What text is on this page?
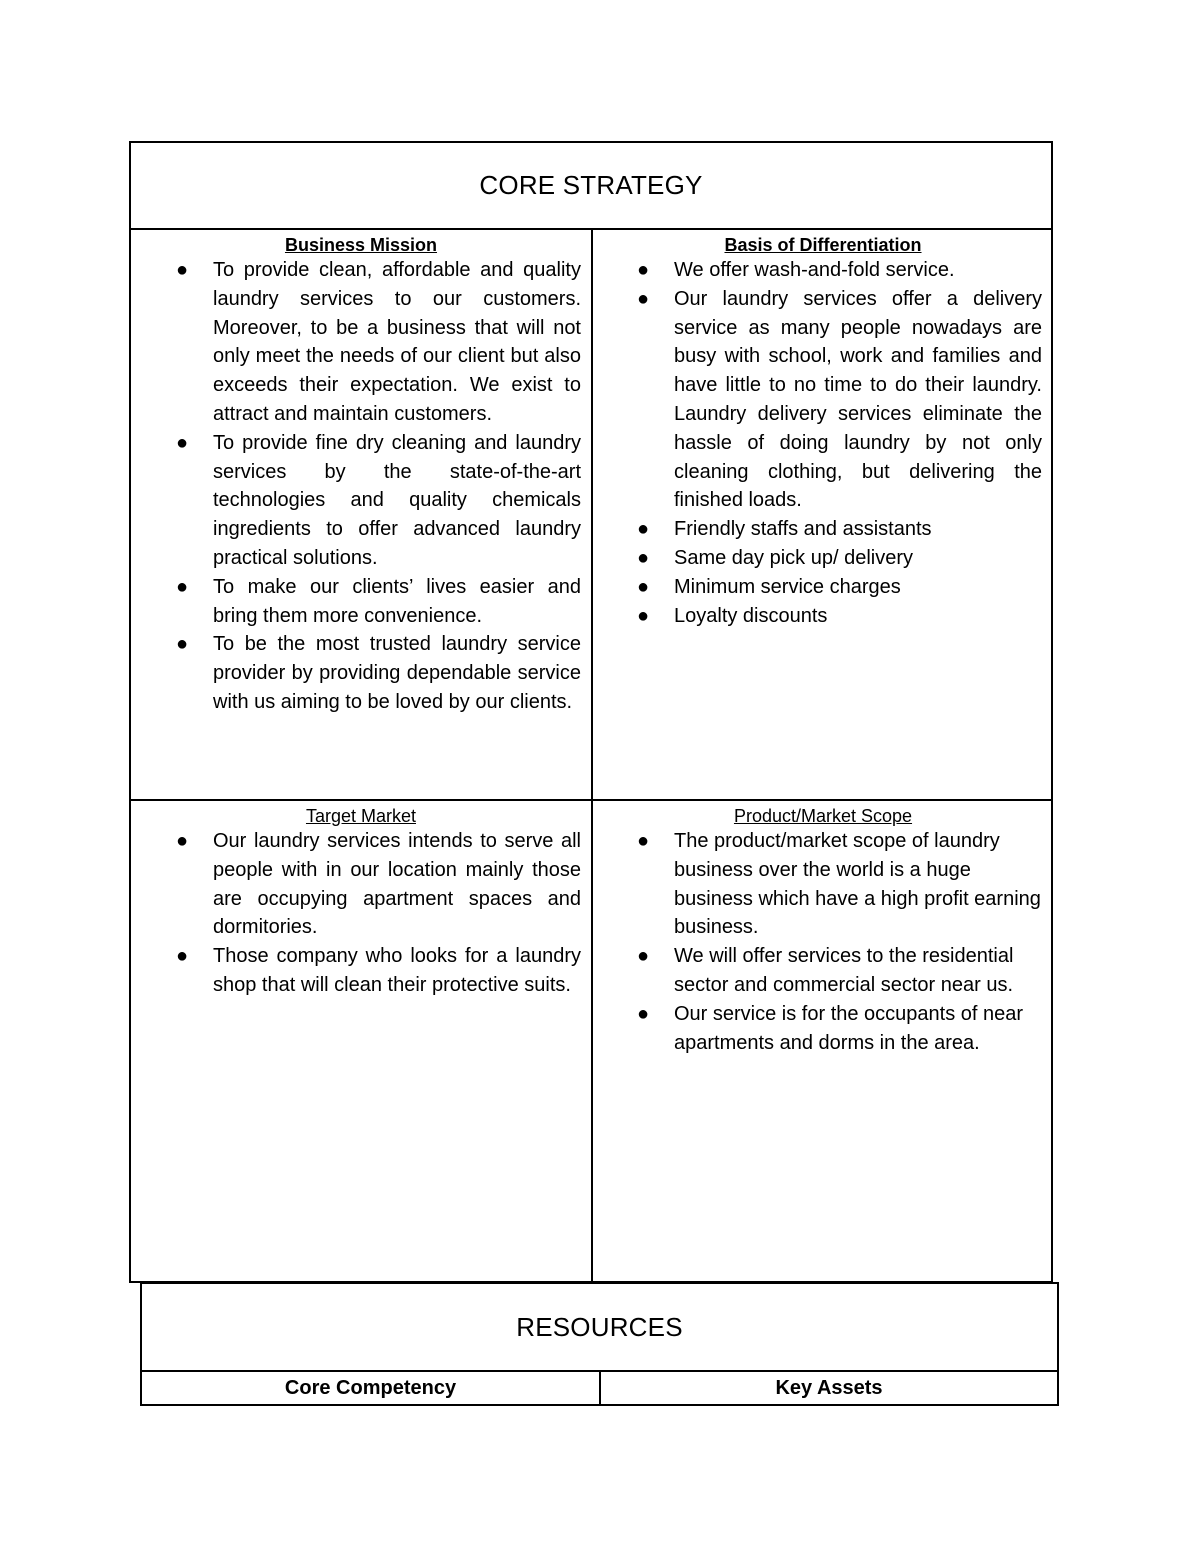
CORE STRATEGY
Business Mission
● To provide clean, affordable and quality laundry services to our customers. Moreover, to be a business that will not only meet the needs of our client but also exceeds their expectation. We exist to attract and maintain customers.
● To provide fine dry cleaning and laundry services by the state-of-the-art technologies and quality chemicals ingredients to offer advanced laundry practical solutions.
● To make our clients’ lives easier and bring them more convenience.
● To be the most trusted laundry service provider by providing dependable service with us aiming to be loved by our clients.
Basis of Differentiation
● We offer wash-and-fold service.
● Our laundry services offer a delivery service as many people nowadays are busy with school, work and families and have little to no time to do their laundry. Laundry delivery services eliminate the hassle of doing laundry by not only cleaning clothing, but delivering the finished loads.
● Friendly staffs and assistants
● Same day pick up/ delivery
● Minimum service charges
● Loyalty discounts
Target Market
● Our laundry services intends to serve all people with in our location mainly those are occupying apartment spaces and dormitories.
● Those company who looks for a laundry shop that will clean their protective suits.
Product/Market Scope
● The product/market scope of laundry business over the world is a huge business which have a high profit earning business.
● We will offer services to the residential sector and commercial sector near us.
● Our service is for the occupants of near apartments and dorms in the area.
RESOURCES
Core Competency	Key Assets
